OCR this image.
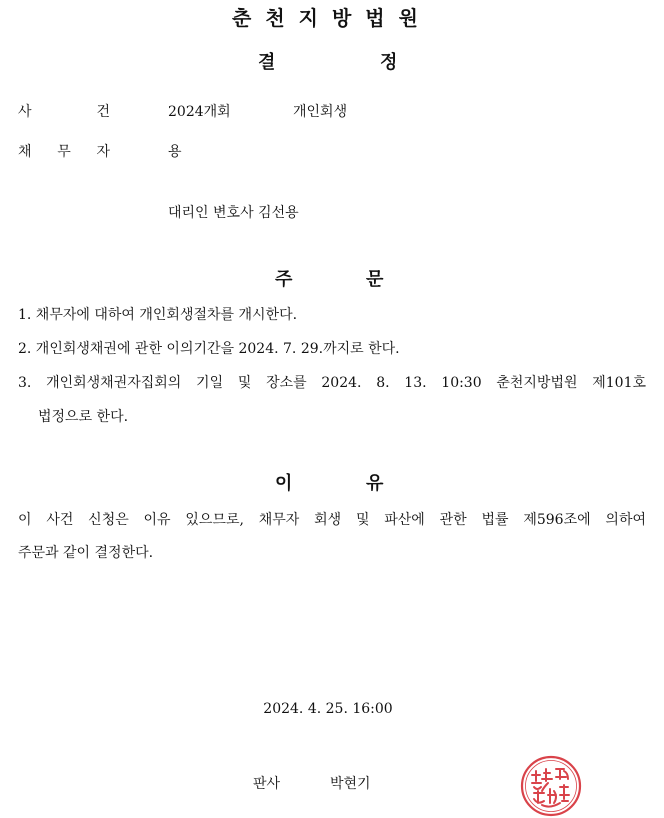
춘천지방법원
결	정
사 건	2024개회	개인회생
채 무 자	용
대리인 변호사 김선용
주	문
1. 채무자에 대하여 개인회생절차를 개시한다.
2. 개인회생채권에 관한 이의기간을 2024. 7. 29.까지로 한다.
3. 개인회생채권자집회의 기일 및 장소를 2024. 8. 13. 10:30 춘천지방법원 제101호
법정으로 한다.
이	유
이 사건 신청은 이유 있으므로, 채무자 회생 및 파산에 관한 법률 제596조에 의하여
주문과 같이 결정한다.
2024. 4. 25. 16:00
판사	박현기
